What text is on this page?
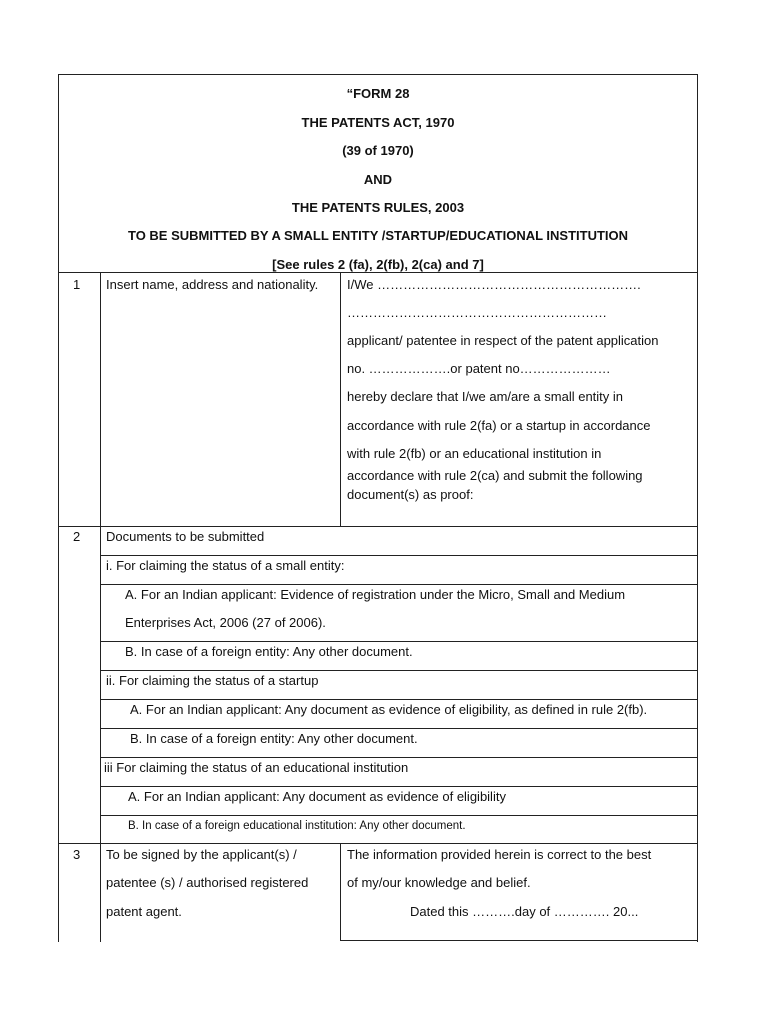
“FORM 28
THE PATENTS ACT, 1970
(39 of 1970)
AND
THE PATENTS RULES, 2003
TO BE SUBMITTED BY A SMALL ENTITY /STARTUP/EDUCATIONAL INSTITUTION
[See rules 2 (fa), 2(fb), 2(ca) and 7]
1 Insert name, address and nationality. I/We …………………………………………………….
……………………………………………………
applicant/ patentee in respect of the patent application
no. ……………….or patent no…………………
hereby declare that I/we am/are a small entity in
accordance with rule 2(fa) or a startup in accordance
with rule 2(fb) or an educational institution in
accordance with rule 2(ca) and submit the following
document(s) as proof:
2 Documents to be submitted
i. For claiming the status of a small entity:
A. For an Indian applicant: Evidence of registration under the Micro, Small and Medium
Enterprises Act, 2006 (27 of 2006).
B. In case of a foreign entity: Any other document.
ii. For claiming the status of a startup
A. For an Indian applicant: Any document as evidence of eligibility, as defined in rule 2(fb).
B. In case of a foreign entity: Any other document.
iii For claiming the status of an educational institution
A. For an Indian applicant: Any document as evidence of eligibility
B. In case of a foreign educational institution: Any other document.
3 To be signed by the applicant(s) /
patentee (s) / authorised registered
patent agent.
The information provided herein is correct to the best
of my/our knowledge and belief.
Dated this ……….day of …………. 20...
